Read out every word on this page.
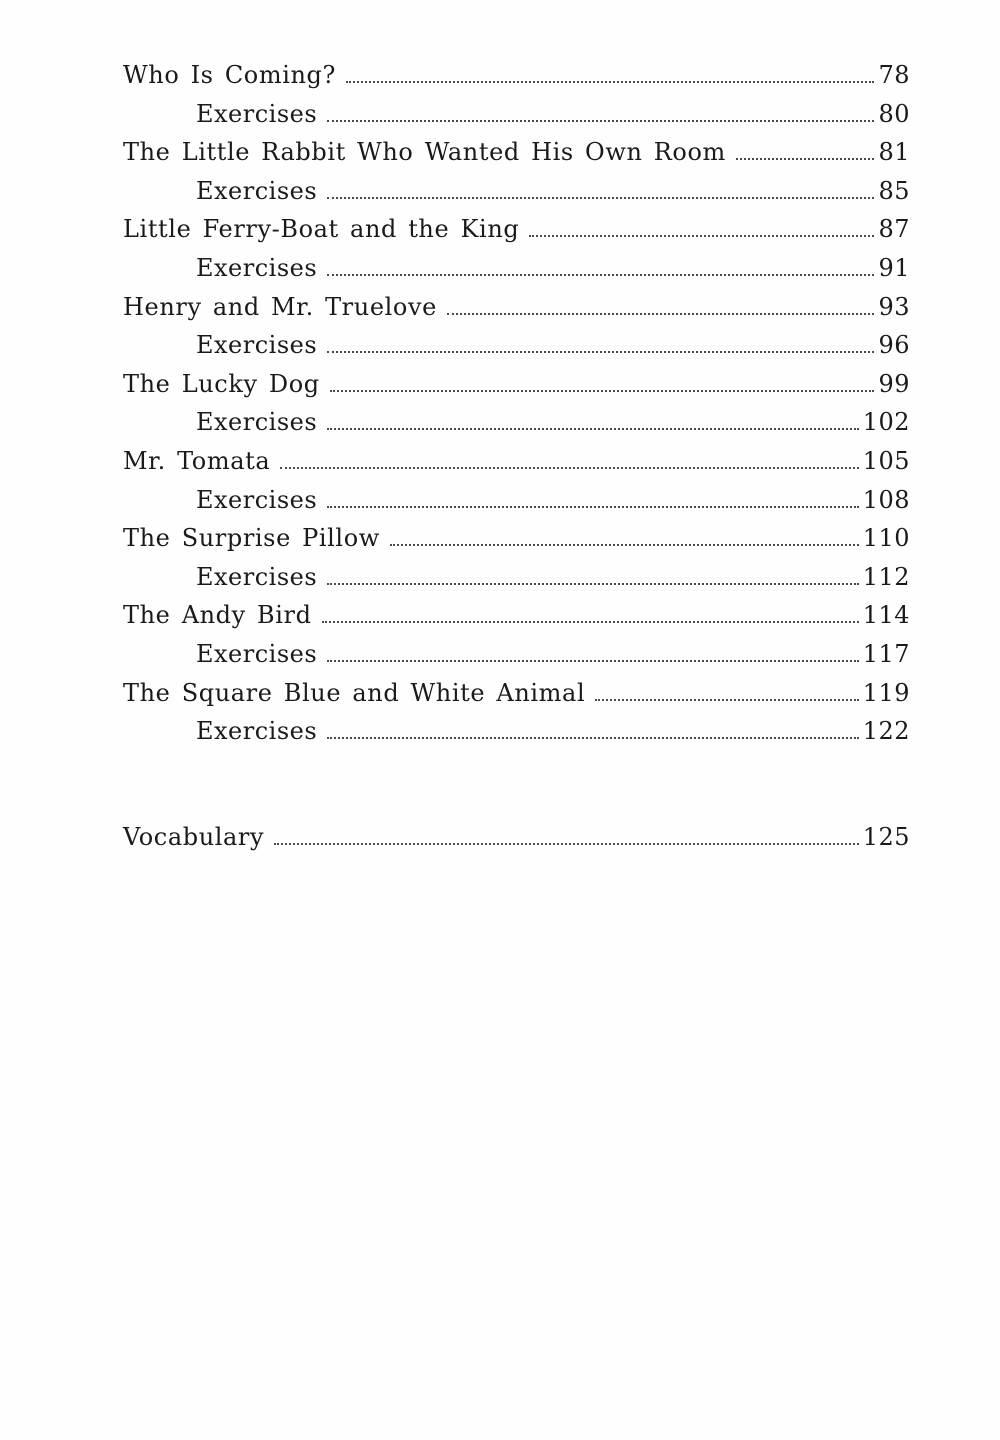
Who Is Coming?	78
Exercises	80
The Little Rabbit Who Wanted His Own Room	81
Exercises	85
Little Ferry-Boat and the King	87
Exercises	91
Henry and Mr. Truelove	93
Exercises	96
The Lucky Dog	99
Exercises	102
Mr. Tomata	105
Exercises	108
The Surprise Pillow	110
Exercises	112
The Andy Bird	114
Exercises	117
The Square Blue and White Animal	119
Exercises	122
Vocabulary	125
